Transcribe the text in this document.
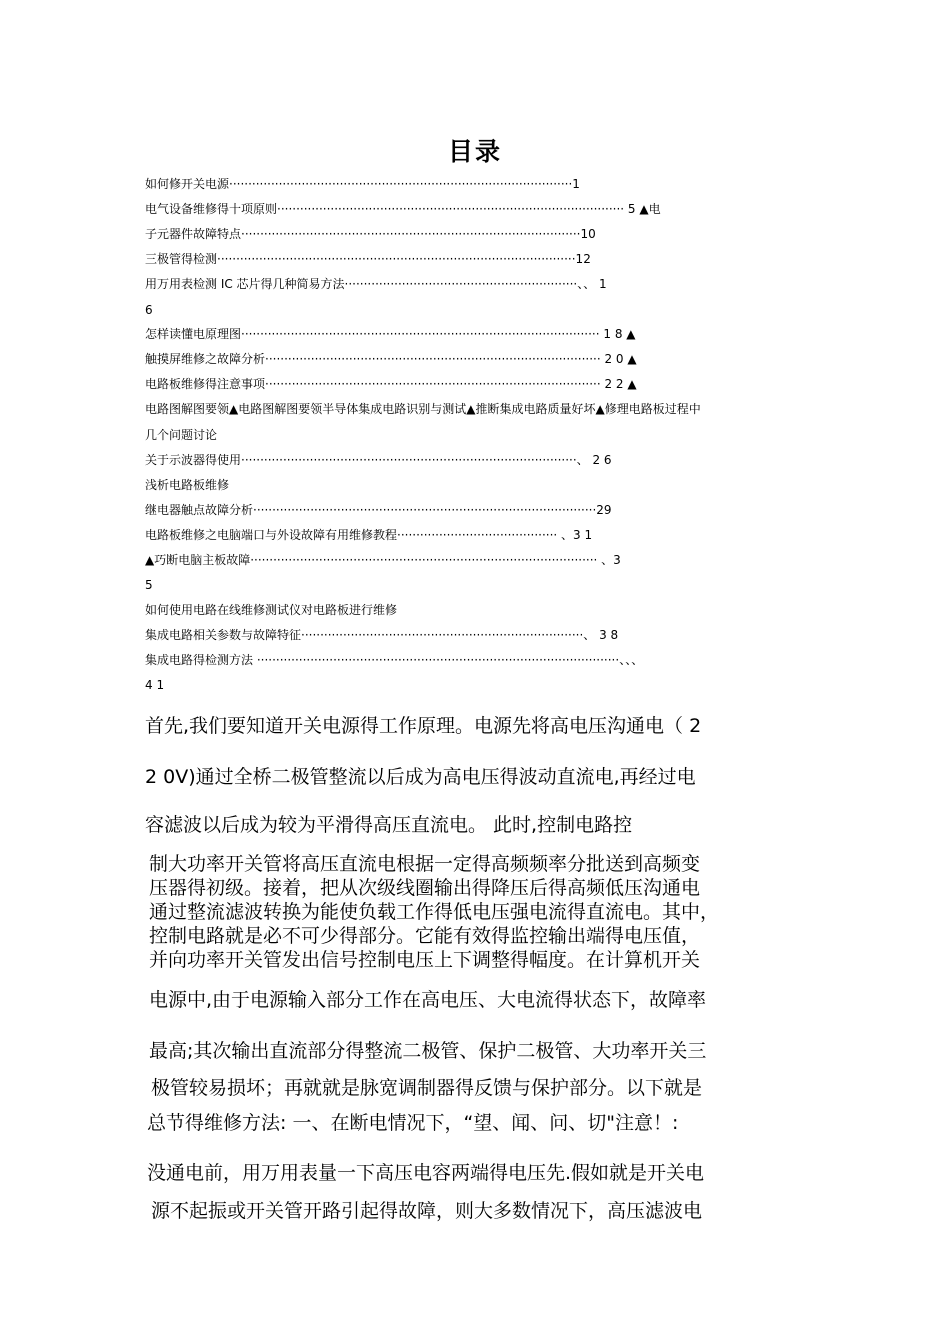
目录
如何修开关电源··························································································1
电气设备维修得十项原则··························································································· 5 ▲电
子元器件故障特点·························································································10
三极管得检测······························································································12
用万用表检测 IC 芯片得几种简易方法·····························································、、 1
6
怎样读懂电原理图······························································································ 1 8 ▲
触摸屏维修之故障分析························································································ 2 0 ▲
电路板维修得注意事项························································································ 2 2 ▲
电路图解图要领▲电路图解图要领半导体集成电路识别与测试▲推断集成电路质量好坏▲修理电路板过程中
几个问题讨论
关于示波器得使用························································································、 2 6
浅析电路板维修
继电器触点故障分析··························································································29
电路板维修之电脑端口与外设故障有用维修教程·········································· 、3 1
▲巧断电脑主板故障··························································································· 、3
5
如何使用电路在线维修测试仪对电路板进行维修
集成电路相关参数与故障特征··········································································、 3 8
集成电路得检测方法 ·······························································································、、、
4 1
首先,我们要知道开关电源得工作原理。电源先将高电压沟通电（ 2
2 0V)通过全桥二极管整流以后成为高电压得波动直流电,再经过电
容滤波以后成为较为平滑得高压直流电。 此时,控制电路控
制大功率开关管将高压直流电根据一定得高频频率分批送到高频变
压器得初级。接着，把从次级线圈输出得降压后得高频低压沟通电
通过整流滤波转换为能使负载工作得低电压强电流得直流电。其中，
控制电路就是必不可少得部分。它能有效得监控输出端得电压值，
并向功率开关管发出信号控制电压上下调整得幅度。在计算机开关
电源中,由于电源输入部分工作在高电压、大电流得状态下，故障率
最高;其次输出直流部分得整流二极管、保护二极管、大功率开关三
极管较易损坏；再就就是脉宽调制器得反馈与保护部分。以下就是
总节得维修方法: 一、在断电情况下，“望、闻、问、切"注意！:
没通电前，用万用表量一下高压电容两端得电压先.假如就是开关电
源不起振或开关管开路引起得故障，则大多数情况下，高压滤波电
